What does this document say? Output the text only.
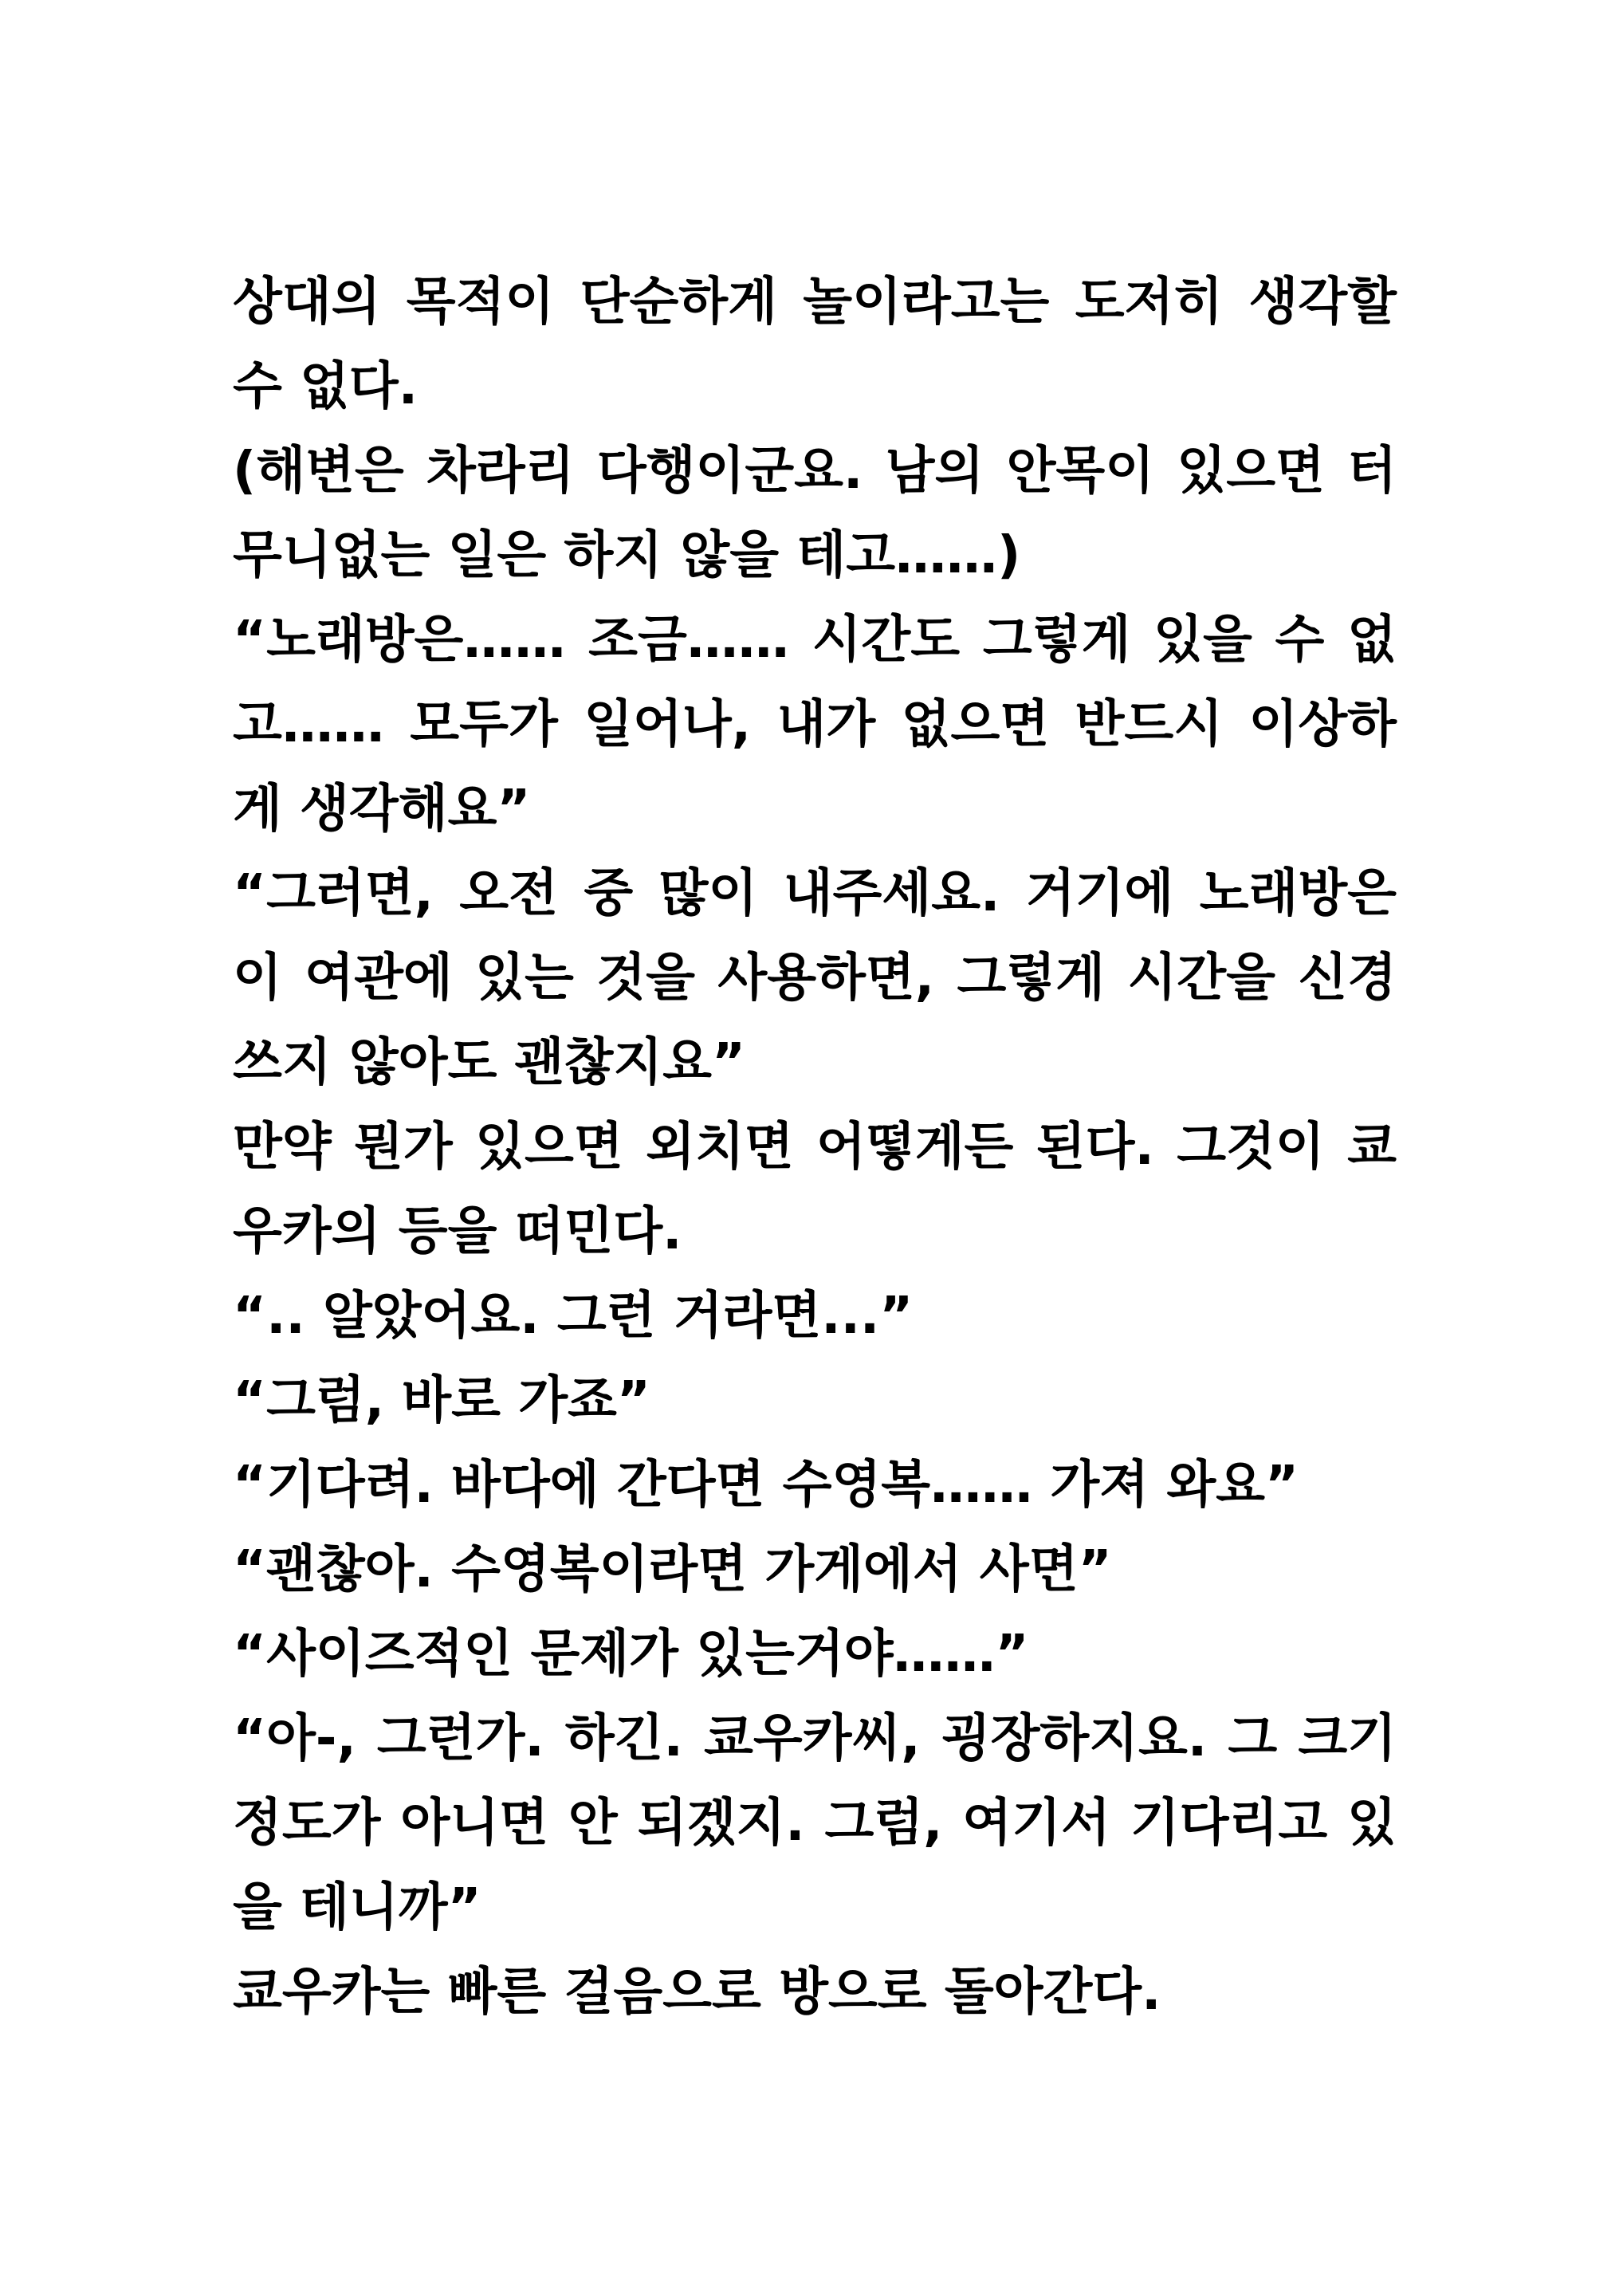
상대의 목적이 단순하게 놀이라고는 도저히 생각할
수 없다.
(해변은 차라리 다행이군요. 남의 안목이 있으면 터
무니없는 일은 하지 않을 테고……)
“노래방은…… 조금…… 시간도 그렇게 있을 수 없
고…… 모두가 일어나, 내가 없으면 반드시 이상하
게 생각해요”
“그러면, 오전 중 많이 내주세요. 거기에 노래방은
이 여관에 있는 것을 사용하면, 그렇게 시간을 신경
쓰지 않아도 괜찮지요”
만약 뭔가 있으면 외치면 어떻게든 된다. 그것이 쿄
우카의 등을 떠민다.
“.. 알았어요. 그런 거라면...”
“그럼, 바로 가죠”
“기다려. 바다에 간다면 수영복…… 가져 와요”
“괜찮아. 수영복이라면 가게에서 사면”
“사이즈적인 문제가 있는거야……”
“아-, 그런가. 하긴. 쿄우카씨, 굉장하지요. 그 크기
정도가 아니면 안 되겠지. 그럼, 여기서 기다리고 있
을 테니까”
쿄우카는 빠른 걸음으로 방으로 돌아간다.
